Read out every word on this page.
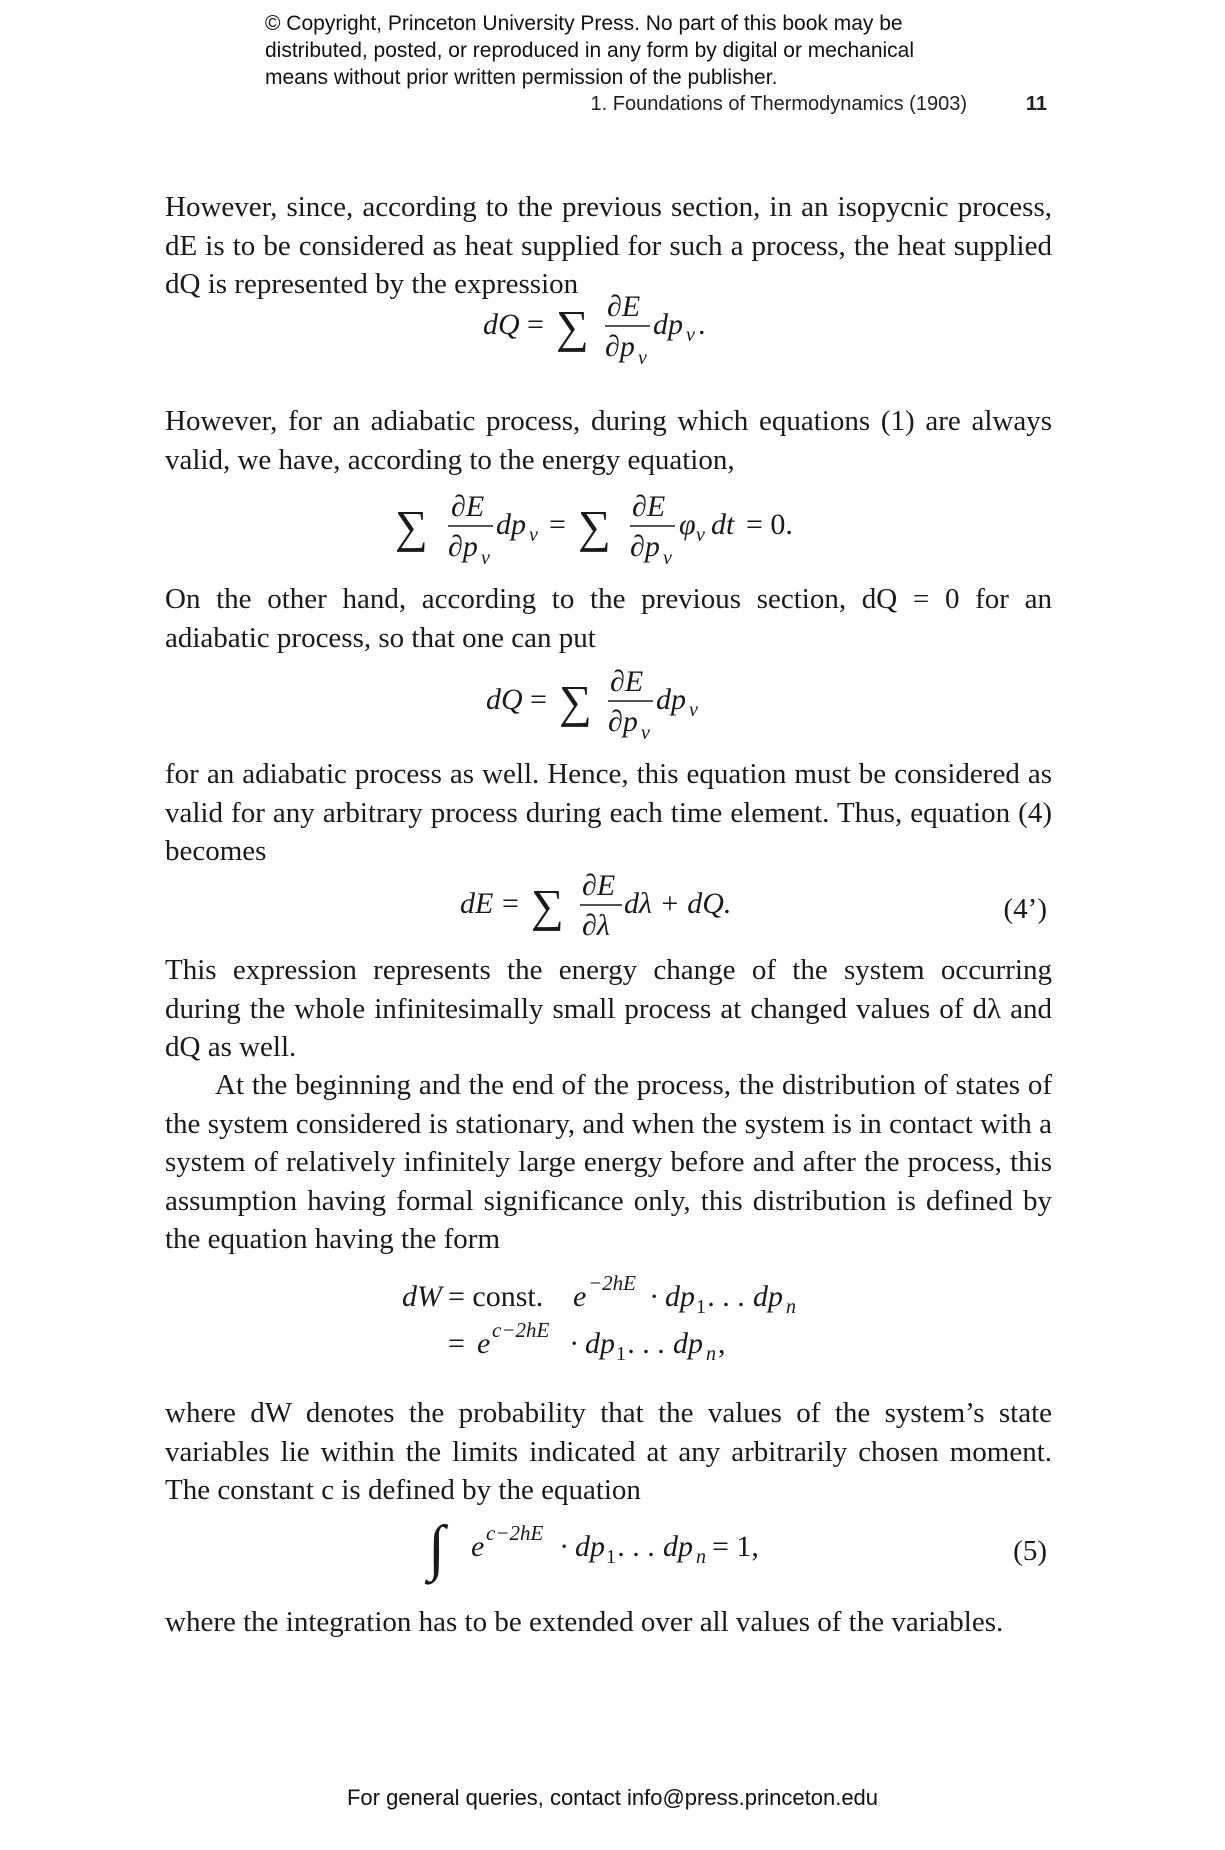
© Copyright, Princeton University Press. No part of this book may be
distributed, posted, or reproduced in any form by digital or mechanical
means without prior written permission of the publisher.
1. Foundations of Thermodynamics (1903)	11

However, since, according to the previous section, in an isopycnic process, dE is to be considered as heat supplied for such a process, the heat supplied dQ is represented by the expression

dQ = ∑ ∂E
∂p ν
dp ν .

However, for an adiabatic process, during which equations (1) are always valid, we have, according to the energy equation,

∑ ∂E
∂p ν
dp ν = ∑ ∂E
∂p ν
φ ν dt = 0.

On the other hand, according to the previous section, dQ = 0 for an adiabatic process, so that one can put

dQ = ∑ ∂E
∂p ν
dp ν

for an adiabatic process as well. Hence, this equation must be considered as valid for any arbitrary process during each time element. Thus, equation (4) becomes

dE = ∑ ∂E
∂λ
dλ + dQ.	(4’)

This expression represents the energy change of the system occurring during the whole infinitesimally small process at changed values of dλ and dQ as well.

At the beginning and the end of the process, the distribution of states of the system considered is stationary, and when the system is in contact with a system of relatively infinitely large energy before and after the process, this assumption having formal significance only, this distribution is defined by the equation having the form

dW = const. e −2hE · dp 1 . . . dp n
= e c−2hE · dp 1 . . . dp n ,

where dW denotes the probability that the values of the system’s state variables lie within the limits indicated at any arbitrarily chosen moment. The constant c is defined by the equation

∫ e c−2hE · dp 1 . . . dp n = 1,	(5)

where the integration has to be extended over all values of the variables.

For general queries, contact info@press.princeton.edu
